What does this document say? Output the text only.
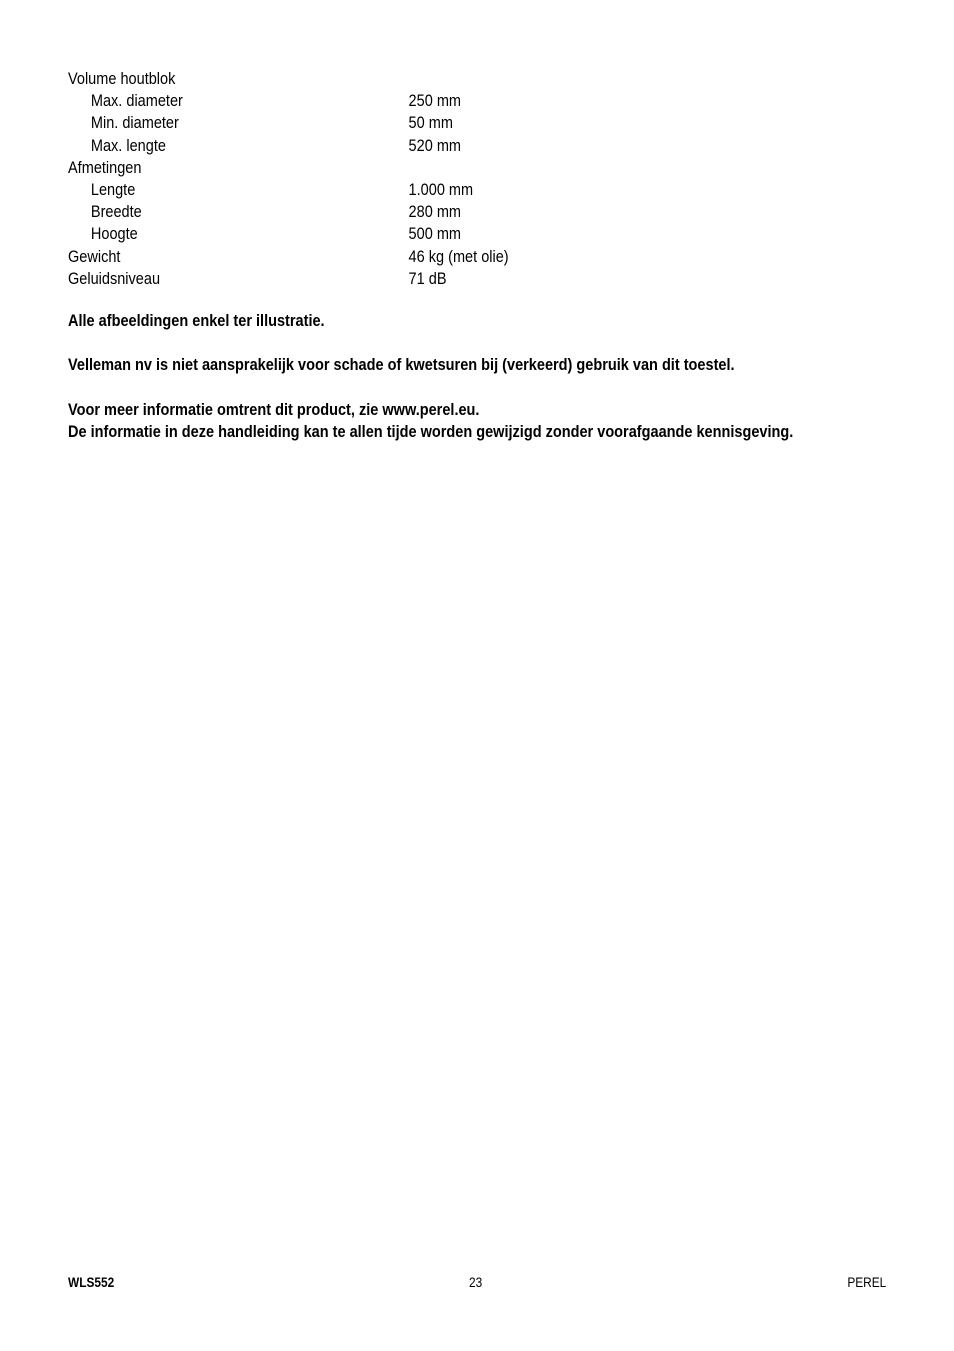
Volume houtblok
Max. diameter	250 mm
Min. diameter	50 mm
Max. lengte	520 mm
Afmetingen
Lengte	1.000 mm
Breedte	280 mm
Hoogte	500 mm
Gewicht	46 kg (met olie)
Geluidsniveau	71 dB

Alle afbeeldingen enkel ter illustratie.

Velleman nv is niet aansprakelijk voor schade of kwetsuren bij (verkeerd) gebruik van dit toestel.

Voor meer informatie omtrent dit product, zie www.perel.eu.

De informatie in deze handleiding kan te allen tijde worden gewijzigd zonder voorafgaande kennisgeving.

WLS552	23	PEREL
